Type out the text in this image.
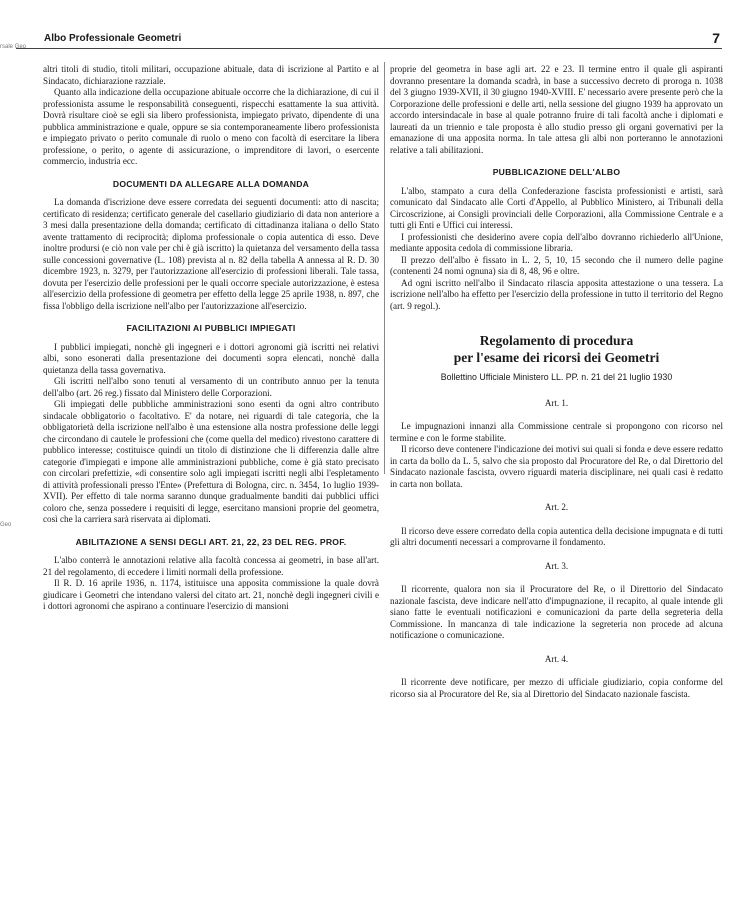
rsale Geo
Geo
Albo Professionale Geometri	7

altri titoli di studio, titoli militari, occupazione abituale, data di iscrizione al Partito e al Sindacato, dichiarazione razziale.

Quanto alla indicazione della occupazione abituale occorre che la dichiarazione, di cui il professionista assume le responsabilità conseguenti, rispecchi esattamente la sua attività. Dovrà risultare cioè se egli sia libero professionista, impiegato privato, dipendente di una pubblica amministrazione e quale, oppure se sia contemporaneamente libero professionista e impiegato privato o perito comunale di ruolo o meno con facoltà di esercitare la libera professione, o perito, o agente di assicurazione, o imprenditore di lavori, o esercente commercio, industria ecc.

DOCUMENTI DA ALLEGARE ALLA DOMANDA

La domanda d'iscrizione deve essere corredata dei seguenti documenti: atto di nascita; certificato di residenza; certificato generale del casellario giudiziario di data non anteriore a 3 mesi dalla presentazione della domanda; certificato di cittadinanza italiana o dello Stato avente trattamento di reciprocità; diploma professionale o copia autentica di esso. Deve inoltre prodursi (e ciò non vale per chi è già iscritto) la quietanza del versamento della tassa sulle concessioni governative (L. 108) prevista al n. 82 della tabella A annessa al R. D. 30 dicembre 1923, n. 3279, per l'autorizzazione all'esercizio di professioni liberali. Tale tassa, dovuta per l'esercizio delle professioni per le quali occorre speciale autorizzazione, è estesa all'esercizio della professione di geometra per effetto della legge 25 aprile 1938, n. 897, che fissa l'obbligo della iscrizione nell'albo per l'autorizzazione all'esercizio.

FACILITAZIONI AI PUBBLICI IMPIEGATI

I pubblici impiegati, nonchè gli ingegneri e i dottori agronomi già iscritti nei relativi albi, sono esonerati dalla presentazione dei documenti sopra elencati, nonchè dalla quietanza della tassa governativa.

Gli iscritti nell'albo sono tenuti al versamento di un contributo annuo per la tenuta dell'albo (art. 26 reg.) fissato dal Ministero delle Corporazioni.

Gli impiegati delle pubbliche amministrazioni sono esenti da ogni altro contributo sindacale obbligatorio o facoltativo. E' da notare, nei riguardi di tale categoria, che la obbligatorietà della iscrizione nell'albo è una estensione alla nostra professione delle leggi che circondano di cautele le professioni che (come quella del medico) rivestono carattere di pubblico interesse; costituisce quindi un titolo di distinzione che li differenzia dalle altre categorie d'impiegati e impone alle amministrazioni pubbliche, come è già stato precisato con circolari prefettizie, «di consentire solo agli impiegati iscritti negli albi l'espletamento di attività professionali presso l'Ente» (Prefettura di Bologna, circ. n. 3454, 1o luglio 1939-XVII). Per effetto di tale norma saranno dunque gradualmente banditi dai pubblici uffici coloro che, senza possedere i requisiti di legge, esercitano mansioni proprie del geometra, così che la carriera sarà riservata ai diplomati.

ABILITAZIONE A SENSI DEGLI ART. 21, 22, 23 DEL REG. PROF.

L'albo conterrà le annotazioni relative alla facoltà concessa ai geometri, in base all'art. 21 del regolamento, di eccedere i limiti normali della professione.

Il R. D. 16 aprile 1936, n. 1174, istituisce una apposita commissione la quale dovrà giudicare i Geometri che intendano valersi del citato art. 21, nonchè degli ingegneri civili e i dottori agronomi che aspirano a continuare l'esercizio di mansioni

proprie del geometra in base agli art. 22 e 23. Il termine entro il quale gli aspiranti dovranno presentare la domanda scadrà, in base a successivo decreto di proroga n. 1038 del 3 giugno 1939-XVII, il 30 giugno 1940-XVIII. E' necessario avere presente però che la Corporazione delle professioni e delle arti, nella sessione del giugno 1939 ha approvato un accordo intersindacale in base al quale potranno fruire di tali facoltà anche i diplomati e laureati da un triennio e tale proposta è allo studio presso gli organi governativi per la emanazione di una apposita norma. In tale attesa gli albi non porteranno le annotazioni relative a tali abilitazioni.

PUBBLICAZIONE DELL'ALBO

L'albo, stampato a cura della Confederazione fascista professionisti e artisti, sarà comunicato dal Sindacato alle Corti d'Appello, al Pubblico Ministero, ai Tribunali della Circoscrizione, ai Consigli provinciali delle Corporazioni, alla Commissione Centrale e a tutti gli Enti e Uffici cui interessi.

I professionisti che desiderino avere copia dell'albo dovranno richiederlo all'Unione, mediante apposita cedola di commissione libraria.

Il prezzo dell'albo è fissato in L. 2, 5, 10, 15 secondo che il numero delle pagine (contenenti 24 nomi ognuna) sia di 8, 48, 96 e oltre.

Ad ogni iscritto nell'albo il Sindacato rilascia apposita attestazione o una tessera. La iscrizione nell'albo ha effetto per l'esercizio della professione in tutto il territorio del Regno (art. 9 regol.).

Regolamento di procedura
per l'esame dei ricorsi dei Geometri
Bollettino Ufficiale Ministero LL. PP. n. 21 del 21 luglio 1930
Art. 1.

Le impugnazioni innanzi alla Commissione centrale si propongono con ricorso nel termine e con le forme stabilite.

Il ricorso deve contenere l'indicazione dei motivi sui quali si fonda e deve essere redatto in carta da bollo da L. 5, salvo che sia proposto dal Procuratore del Re, o dal Direttorio del Sindacato nazionale fascista, ovvero riguardi materia disciplinare, nei quali casi è redatto in carta non bollata.

Art. 2.

Il ricorso deve essere corredato della copia autentica della decisione impugnata e di tutti gli altri documenti necessari a comprovarne il fondamento.

Art. 3.

Il ricorrente, qualora non sia il Procuratore del Re, o il Direttorio del Sindacato nazionale fascista, deve indicare nell'atto d'impugnazione, il recapito, al quale intende gli siano fatte le eventuali notificazioni e comunicazioni da parte della segreteria della Commissione. In mancanza di tale indicazione la segreteria non procede ad alcuna notificazione o comunicazione.

Art. 4.

Il ricorrente deve notificare, per mezzo di ufficiale giudiziario, copia conforme del ricorso sia al Procuratore del Re, sia al Direttorio del Sindacato nazionale fascista.
